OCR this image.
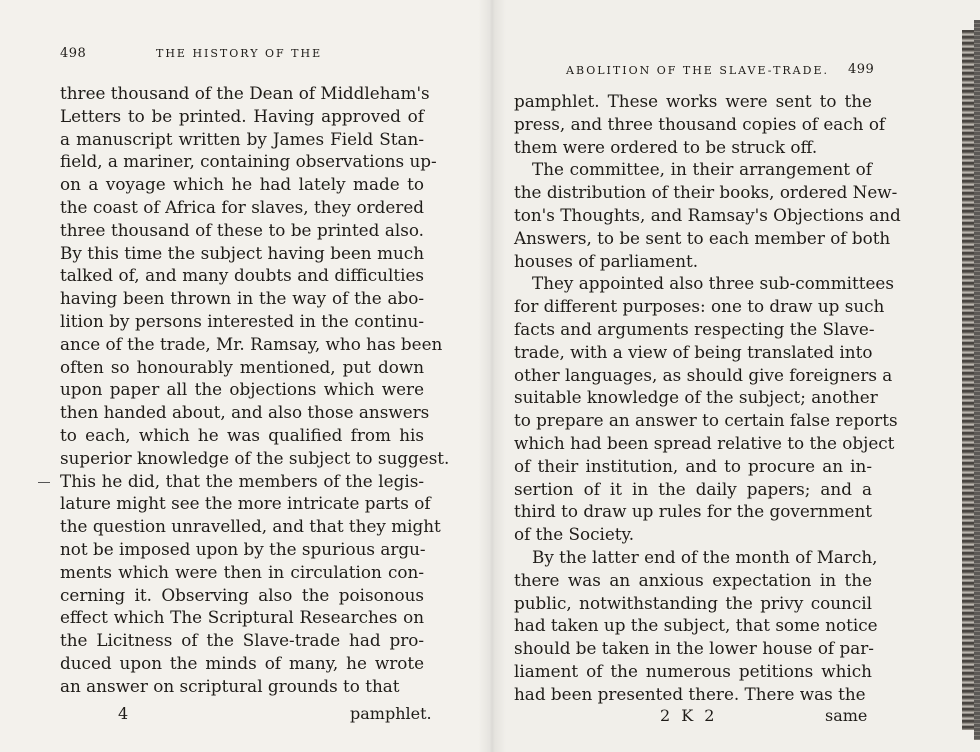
498	THE HISTORY OF THE
three thousand of the Dean of Middleham's
Letters to be printed. Having approved of
a manuscript written by James Field Stan-
field, a mariner, containing observations up-
on a voyage which he had lately made to
the coast of Africa for slaves, they ordered
three thousand of these to be printed also.
By this time the subject having been much
talked of, and many doubts and difficulties
having been thrown in the way of the abo-
lition by persons interested in the continu-
ance of the trade, Mr. Ramsay, who has been
often so honourably mentioned, put down
upon paper all the objections which were
then handed about, and also those answers
to each, which he was qualified from his
superior knowledge of the subject to suggest.
This he did, that the members of the legis-
lature might see the more intricate parts of
the question unravelled, and that they might
not be imposed upon by the spurious argu-
ments which were then in circulation con-
cerning it. Observing also the poisonous
effect which The Scriptural Researches on
the Licitness of the Slave-trade had pro-
duced upon the minds of many, he wrote
an answer on scriptural grounds to that
4	pamphlet.
ABOLITION OF THE SLAVE-TRADE. 499
pamphlet. These works were sent to the
press, and three thousand copies of each of
them were ordered to be struck off.
The committee, in their arrangement of
the distribution of their books, ordered New-
ton's Thoughts, and Ramsay's Objections and
Answers, to be sent to each member of both
houses of parliament.
They appointed also three sub-committees
for different purposes: one to draw up such
facts and arguments respecting the Slave-
trade, with a view of being translated into
other languages, as should give foreigners a
suitable knowledge of the subject; another
to prepare an answer to certain false reports
which had been spread relative to the object
of their institution, and to procure an in-
sertion of it in the daily papers; and a
third to draw up rules for the government
of the Society.
By the latter end of the month of March,
there was an anxious expectation in the
public, notwithstanding the privy council
had taken up the subject, that some notice
should be taken in the lower house of par-
liament of the numerous petitions which
had been presented there. There was the
2 K 2	same
